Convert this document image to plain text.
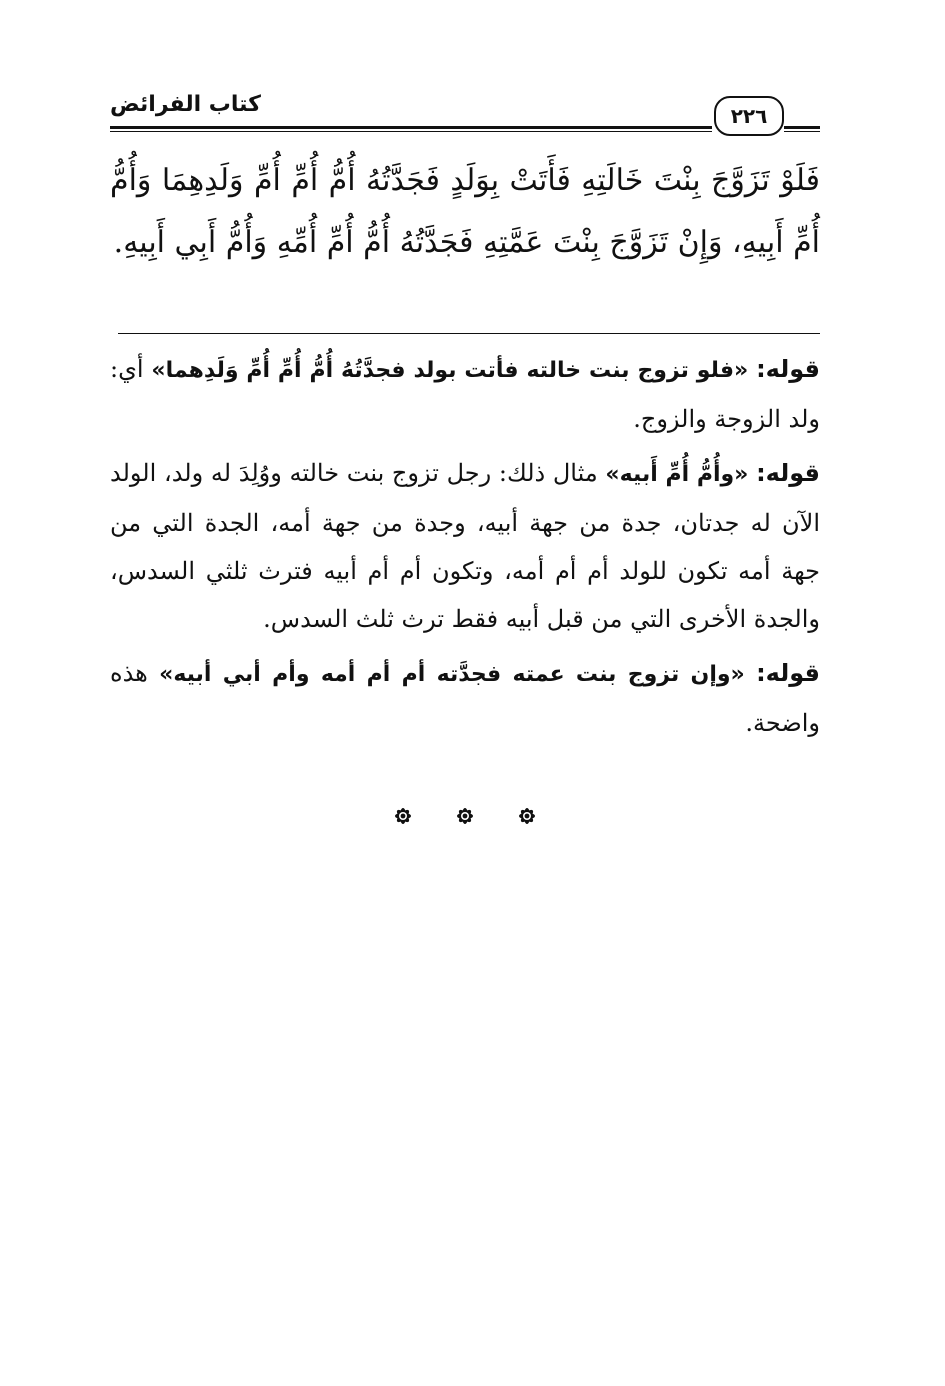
كتاب الفرائض	٢٢٦

فَلَوْ تَزَوَّجَ بِنْتَ خَالَتِهِ فَأَتَتْ بِوَلَدٍ فَجَدَّتُهُ أُمُّ أُمِّ أُمِّ وَلَدِهِمَا وَأُمُّ أُمِّ أَبِيهِ، وَإِنْ تَزَوَّجَ بِنْتَ عَمَّتِهِ فَجَدَّتُهُ أُمُّ أُمِّ أُمِّهِ وَأُمُّ أَبِي أَبِيهِ.

قوله: «فلو تزوج بنت خالته فأتت بولد فجدَّتُهُ أُمُّ أُمِّ أُمِّ وَلَدِهما» أي: ولد الزوجة والزوج.

قوله: «وأُمُّ أُمِّ أَبيه» مثال ذلك: رجل تزوج بنت خالته ووُلِدَ له ولد، الولد الآن له جدتان، جدة من جهة أبيه، وجدة من جهة أمه، الجدة التي من جهة أمه تكون للولد أم أم أمه، وتكون أم أم أبيه فترث ثلثي السدس، والجدة الأخرى التي من قبل أبيه فقط ترث ثلث السدس.

قوله: «وإن تزوج بنت عمته فجدَّته أم أم أمه وأم أبي أبيه» هذه واضحة.
